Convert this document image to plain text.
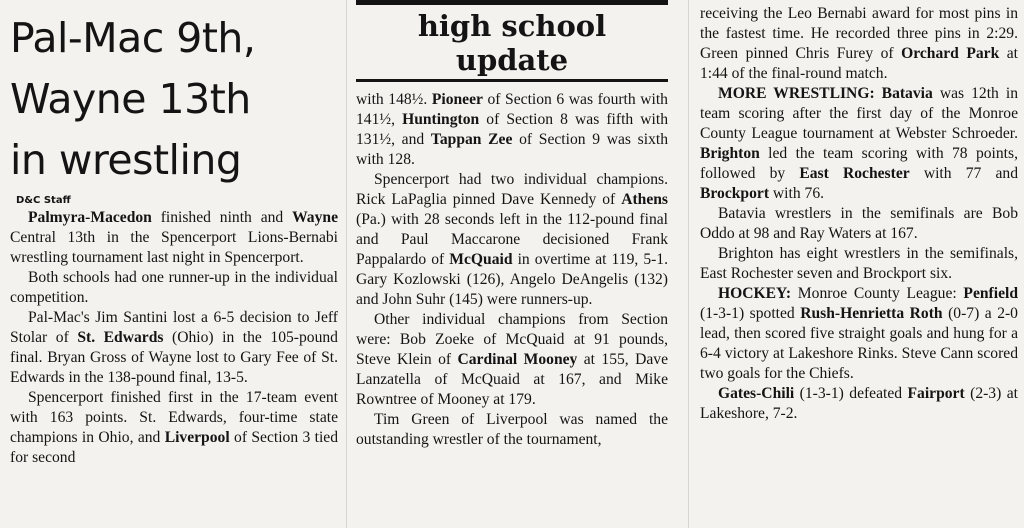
Pal-Mac 9th,
Wayne 13th
in wrestling
D&C Staff

Palmyra-Macedon finished ninth and Wayne Central 13th in the Spencerport Lions-Bernabi wrestling tournament last night in Spencerport.

Both schools had one runner-up in the individual competition.

Pal-Mac's Jim Santini lost a 6-5 decision to Jeff Stolar of St. Edwards (Ohio) in the 105-pound final. Bryan Gross of Wayne lost to Gary Fee of St. Edwards in the 138-pound final, 13-5.

Spencerport finished first in the 17-team event with 163 points. St. Edwards, four-time state champions in Ohio, and Liverpool of Section 3 tied for second

high school
update

with 148½. Pioneer of Section 6 was fourth with 141½, Huntington of Section 8 was fifth with 131½, and Tappan Zee of Section 9 was sixth with 128.

Spencerport had two individual champions. Rick LaPaglia pinned Dave Kennedy of Athens (Pa.) with 28 seconds left in the 112-pound final and Paul Maccarone decisioned Frank Pappalardo of McQuaid in overtime at 119, 5-1. Gary Kozlowski (126), Angelo DeAngelis (132) and John Suhr (145) were runners-up.

Other individual champions from Section were: Bob Zoeke of McQuaid at 91 pounds, Steve Klein of Cardinal Mooney at 155, Dave Lanzatella of McQuaid at 167, and Mike Rowntree of Mooney at 179.

Tim Green of Liverpool was named the outstanding wrestler of the tournament,

receiving the Leo Bernabi award for most pins in the fastest time. He recorded three pins in 2:29. Green pinned Chris Furey of Orchard Park at 1:44 of the final-round match.

MORE WRESTLING: Batavia was 12th in team scoring after the first day of the Monroe County League tournament at Webster Schroeder. Brighton led the team scoring with 78 points, followed by East Rochester with 77 and Brockport with 76.

Batavia wrestlers in the semifinals are Bob Oddo at 98 and Ray Waters at 167.

Brighton has eight wrestlers in the semifinals, East Rochester seven and Brockport six.

HOCKEY: Monroe County League: Penfield (1-3-1) spotted Rush-Henrietta Roth (0-7) a 2-0 lead, then scored five straight goals and hung for a 6-4 victory at Lakeshore Rinks. Steve Cann scored two goals for the Chiefs.

Gates-Chili (1-3-1) defeated Fairport (2-3) at Lakeshore, 7-2.
